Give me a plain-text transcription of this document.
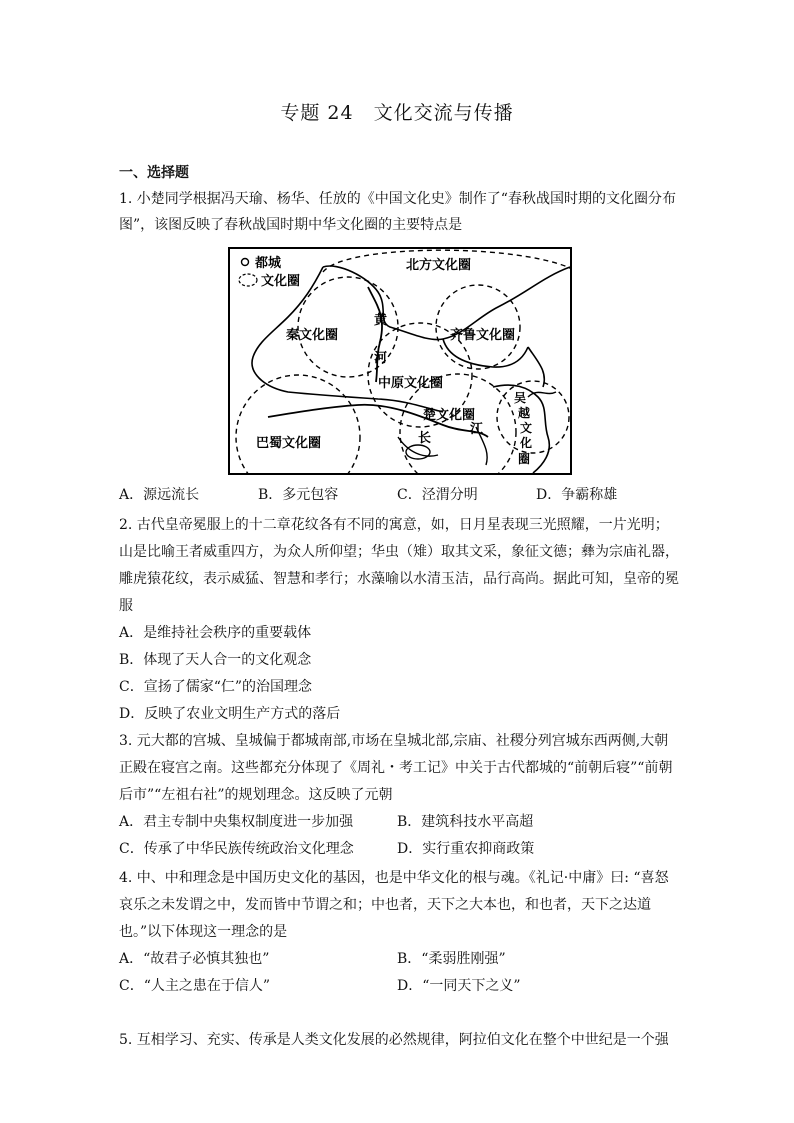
专题 24　文化交流与传播
一、选择题
1. 小楚同学根据冯天瑜、杨华、任放的《中国文化史》制作了“春秋战国时期的文化圈分布
图”，该图反映了春秋战国时期中华文化圈的主要特点是
都城
文化圈
北方文化圈
秦文化圈	齐鲁文化圈
中原文化圈
楚文化圈
巴蜀文化圈
黄
河
江
长
吴
越
文
化
圈
A．源远流长	B．多元包容	C．泾渭分明	D．争霸称雄
2. 古代皇帝冕服上的十二章花纹各有不同的寓意，如，日月星表现三光照耀，一片光明；
山是比喻王者威重四方，为众人所仰望；华虫（雉）取其文采，象征文德；彝为宗庙礼器，
雕虎猿花纹，表示威猛、智慧和孝行；水藻喻以水清玉洁，品行高尚。据此可知，皇帝的冕
服
A．是维持社会秩序的重要载体
B．体现了天人合一的文化观念
C．宣扬了儒家“仁”的治国理念
D．反映了农业文明生产方式的落后
3. 元大都的宫城、皇城偏于都城南部,市场在皇城北部,宗庙、社稷分列宫城东西两侧,大朝
正殿在寝宫之南。这些都充分体现了《周礼・考工记》中关于古代都城的“前朝后寝”“前朝
后市”“左祖右社”的规划理念。这反映了元朝
A．君主专制中央集权制度进一步加强	B．建筑科技水平高超
C．传承了中华民族传统政治文化理念	D．实行重农抑商政策
4. 中、中和理念是中国历史文化的基因，也是中华文化的根与魂。《礼记·中庸》曰: “喜怒
哀乐之未发谓之中，发而皆中节谓之和；中也者，天下之大本也，和也者，天下之达道
也。”以下体现这一理念的是
A．“故君子必慎其独也”	B．“柔弱胜刚强”
C．“人主之患在于信人”	D．“一同天下之义”
5. 互相学习、充实、传承是人类文化发展的必然规律，阿拉伯文化在整个中世纪是一个强
